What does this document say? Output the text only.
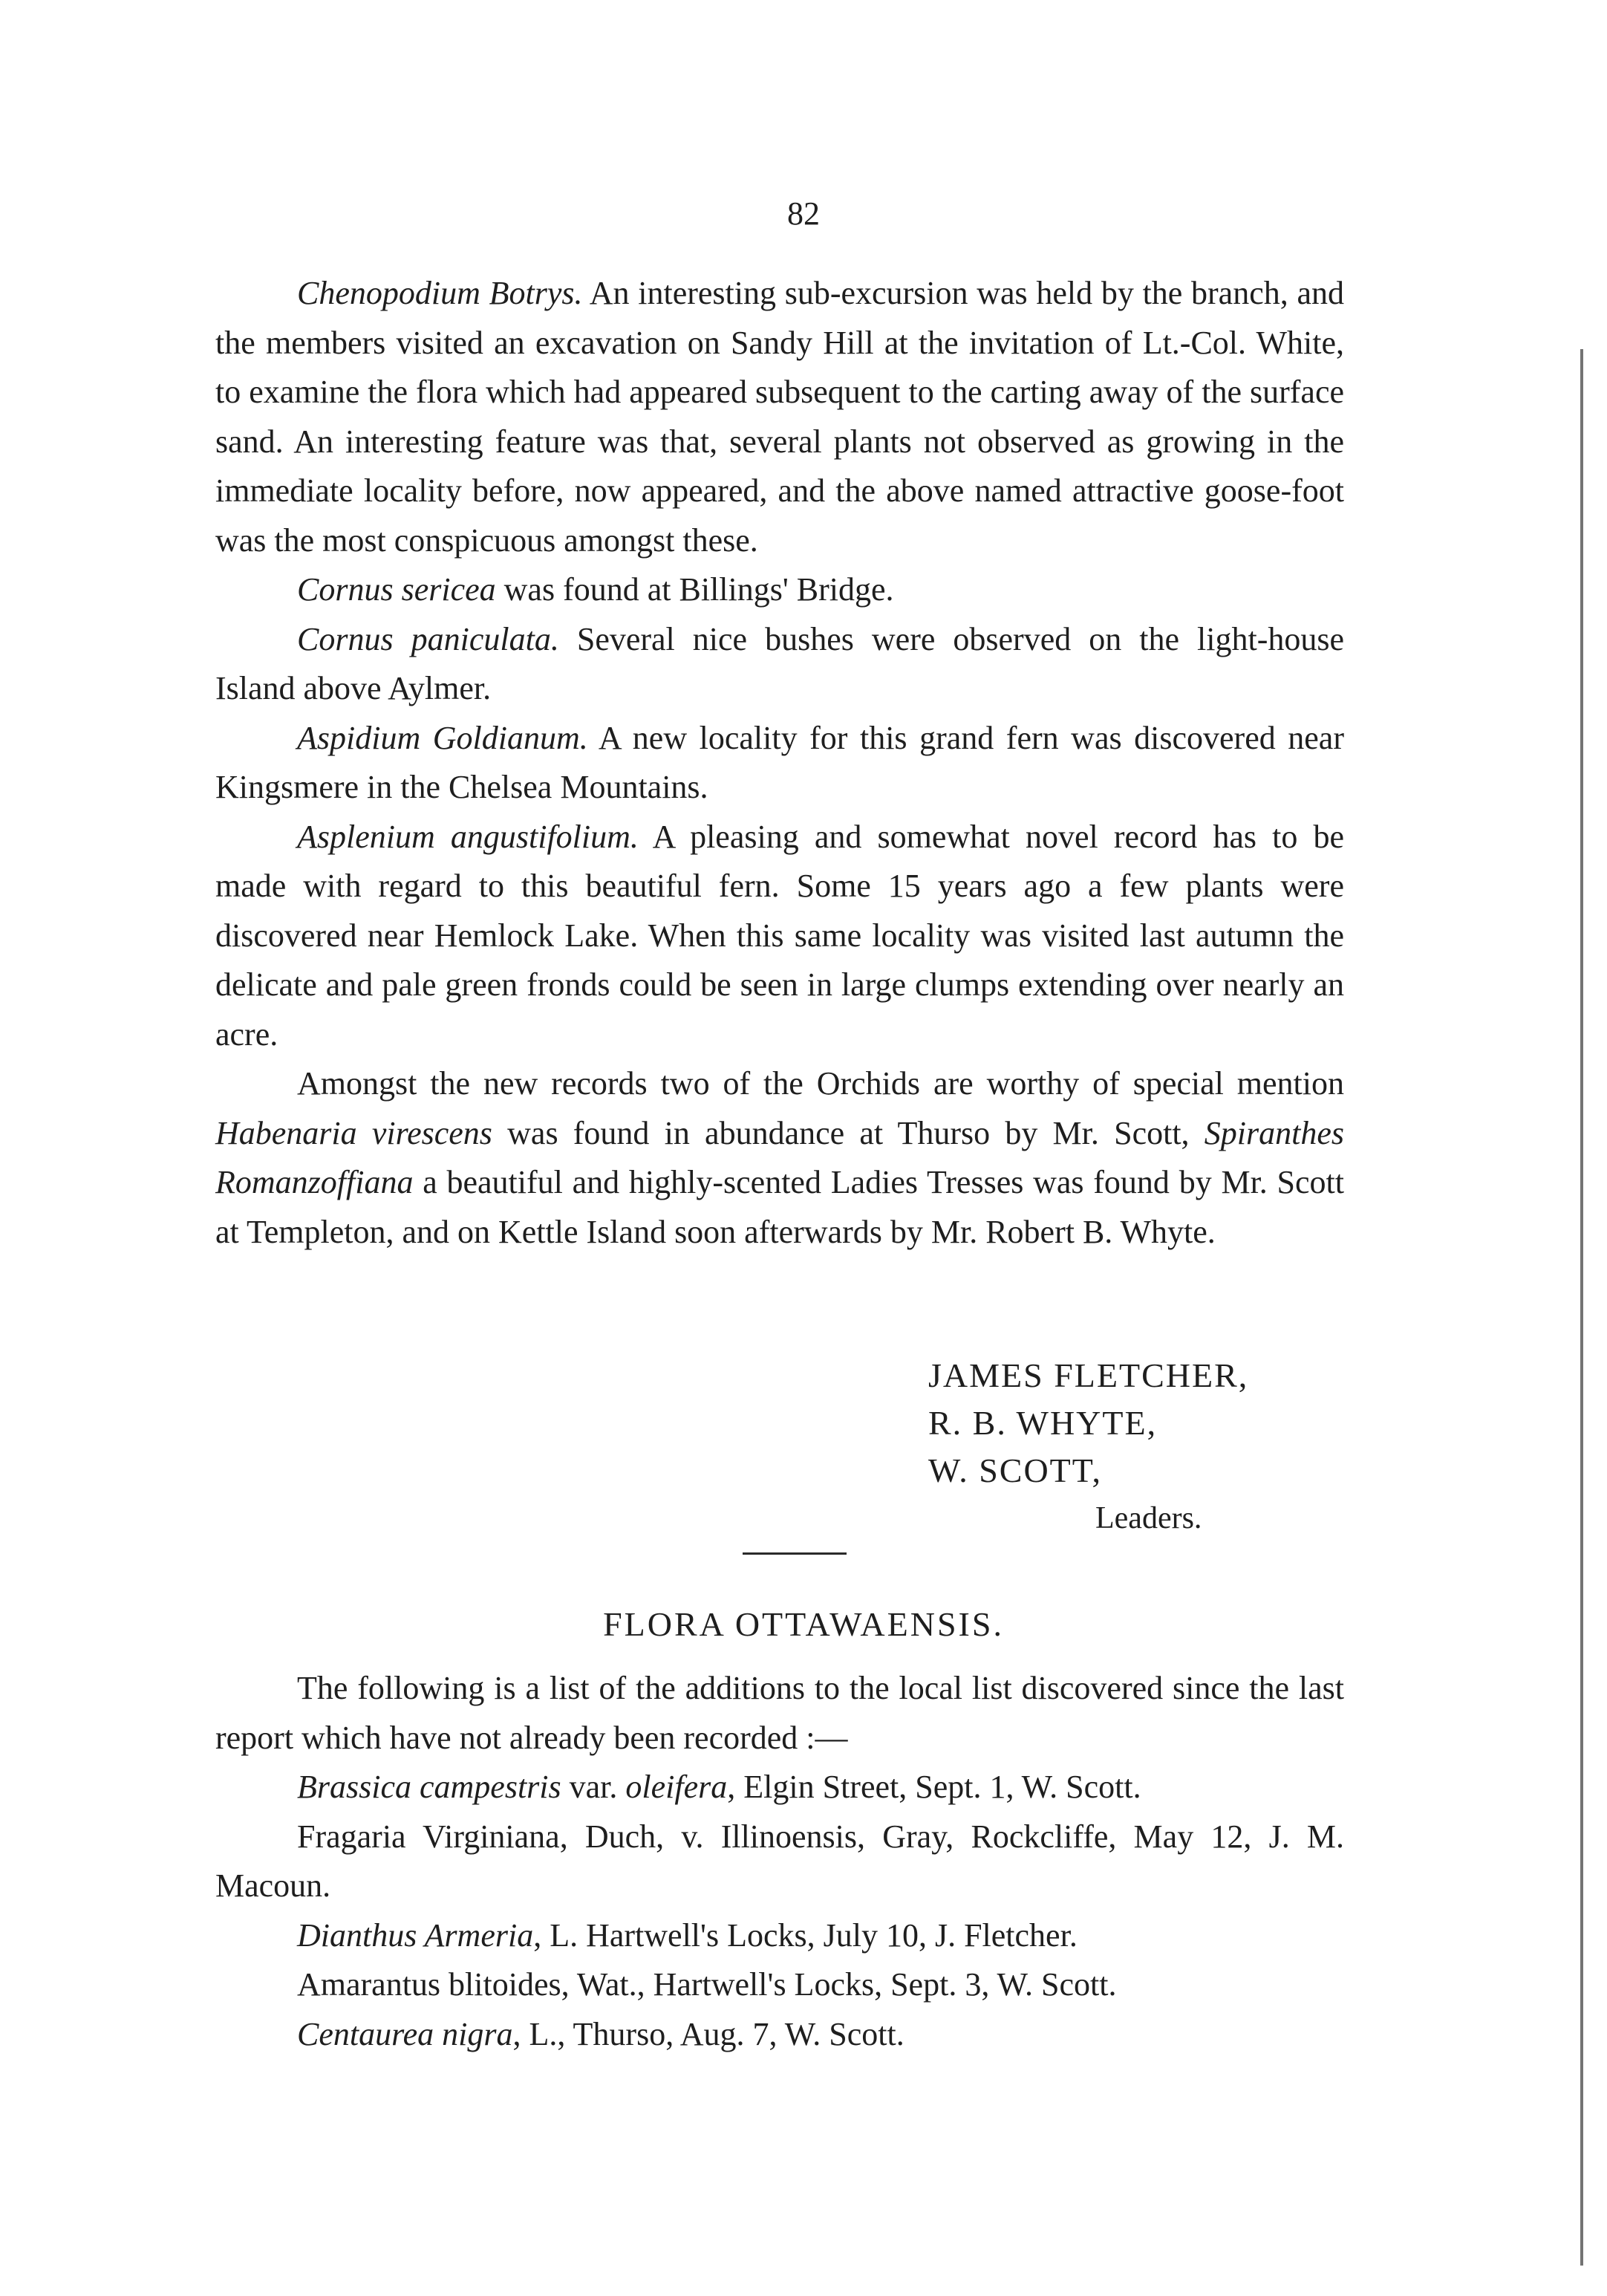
82

Chenopodium Botrys. An interesting sub-excursion was held by the branch, and the members visited an excavation on Sandy Hill at the invitation of Lt.-Col. White, to examine the flora which had appeared subsequent to the carting away of the surface sand. An interesting feature was that, several plants not observed as growing in the immediate locality before, now appeared, and the above named attractive goose-foot was the most conspicuous amongst these.

Cornus sericea was found at Billings' Bridge.

Cornus paniculata. Several nice bushes were observed on the light-house Island above Aylmer.

Aspidium Goldianum. A new locality for this grand fern was discovered near Kingsmere in the Chelsea Mountains.

Asplenium angustifolium. A pleasing and somewhat novel record has to be made with regard to this beautiful fern. Some 15 years ago a few plants were discovered near Hemlock Lake. When this same locality was visited last autumn the delicate and pale green fronds could be seen in large clumps extending over nearly an acre.

Amongst the new records two of the Orchids are worthy of special mention Habenaria virescens was found in abundance at Thurso by Mr. Scott, Spiranthes Romanzoffiana a beautiful and highly-scented Ladies Tresses was found by Mr. Scott at Templeton, and on Kettle Island soon afterwards by Mr. Robert B. Whyte.

JAMES FLETCHER,
R. B. WHYTE,
W. SCOTT,
Leaders.
FLORA OTTAWAENSIS.

The following is a list of the additions to the local list discovered since the last report which have not already been recorded :—

Brassica campestris var. oleifera, Elgin Street, Sept. 1, W. Scott.

Fragaria Virginiana, Duch, v. Illinoensis, Gray, Rockcliffe, May 12, J. M. Macoun.

Dianthus Armeria, L. Hartwell's Locks, July 10, J. Fletcher.

Amarantus blitoides, Wat., Hartwell's Locks, Sept. 3, W. Scott.

Centaurea nigra, L., Thurso, Aug. 7, W. Scott.
